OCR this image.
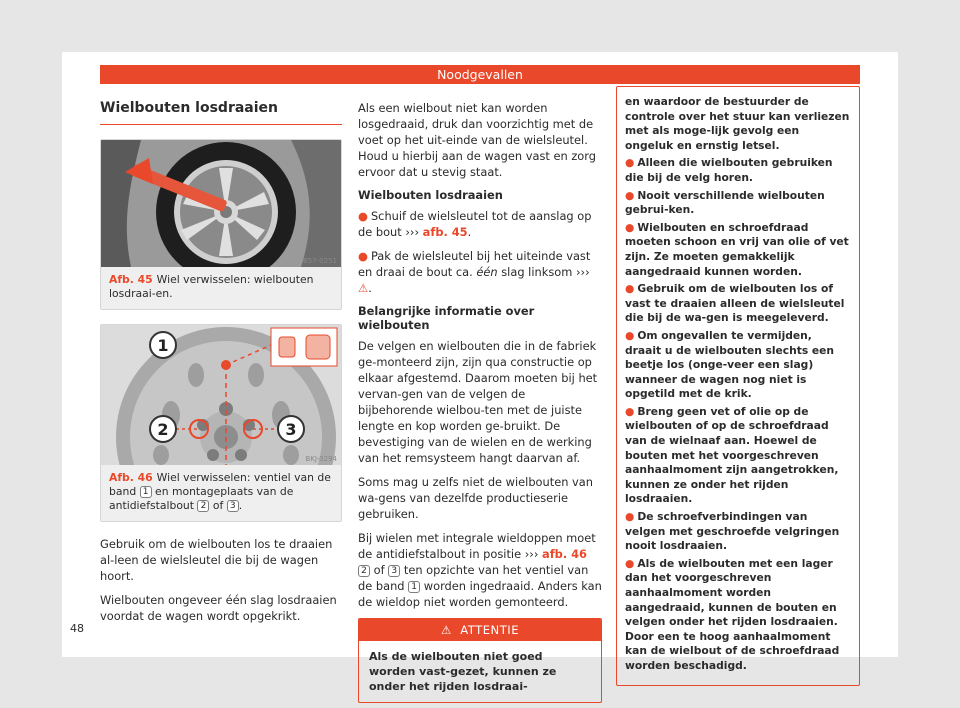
Noodgevallen
Wielbouten losdraaien
B57-0251
Afb. 45 Wiel verwisselen: wielbouten losdraai-en.
1
2	3
BKJ-0294
Afb. 46 Wiel verwisselen: ventiel van de band 1 en montageplaats van de antidiefstalbout 2 of 3 .

Gebruik om de wielbouten los te draaien al-leen de wielsleutel die bij de wagen hoort.

Wielbouten ongeveer één slag losdraaien voordat de wagen wordt opgekrikt.

Als een wielbout niet kan worden losgedraaid, druk dan voorzichtig met de voet op het uit-einde van de wielsleutel. Houd u hierbij aan de wagen vast en zorg ervoor dat u stevig staat.

Wielbouten losdraaien

● Schuif de wielsleutel tot de aanslag op de bout ››› afb. 45.

● Pak de wielsleutel bij het uiteinde vast en draai de bout ca. één slag linksom ››› ⚠.

Belangrijke informatie over wielbouten

De velgen en wielbouten die in de fabriek ge-monteerd zijn, zijn qua constructie op elkaar afgestemd. Daarom moeten bij het vervan-gen van de velgen de bijbehorende wielbou-ten met de juiste lengte en kop worden ge-bruikt. De bevestiging van de wielen en de werking van het remsysteem hangt daarvan af.

Soms mag u zelfs niet de wielbouten van wa-gens van dezelfde productieserie gebruiken.

Bij wielen met integrale wieldoppen moet de antidiefstalbout in positie ››› afb. 46 2 of 3 ten opzichte van het ventiel van de band 1 worden ingedraaid. Anders kan de wieldop niet worden gemonteerd.

⚠ ATTENTIE
Als de wielbouten niet goed worden vast-gezet, kunnen ze onder het rijden losdraai-

en waardoor de bestuurder de controle over het stuur kan verliezen met als moge-lijk gevolg een ongeluk en ernstig letsel.

● Alleen die wielbouten gebruiken die bij de velg horen.

● Nooit verschillende wielbouten gebrui-ken.

● Wielbouten en schroefdraad moeten schoon en vrij van olie of vet zijn. Ze moeten gemakkelijk aangedraaid kunnen worden.

● Gebruik om de wielbouten los of vast te draaien alleen de wielsleutel die bij de wa-gen is meegeleverd.

● Om ongevallen te vermijden, draait u de wielbouten slechts een beetje los (onge-veer een slag) wanneer de wagen nog niet is opgetild met de krik.

● Breng geen vet of olie op de wielbouten of op de schroefdraad van de wielnaaf aan. Hoewel de bouten met het voorgeschreven aanhaalmoment zijn aangetrokken, kunnen ze onder het rijden losdraaien.

● De schroefverbindingen van velgen met geschroefde velgringen nooit losdraaien.

● Als de wielbouten met een lager dan het voorgeschreven aanhaalmoment worden aangedraaid, kunnen de bouten en velgen onder het rijden losdraaien. Door een te hoog aanhaalmoment kan de wielbout of de schroefdraad worden beschadigd.

48
